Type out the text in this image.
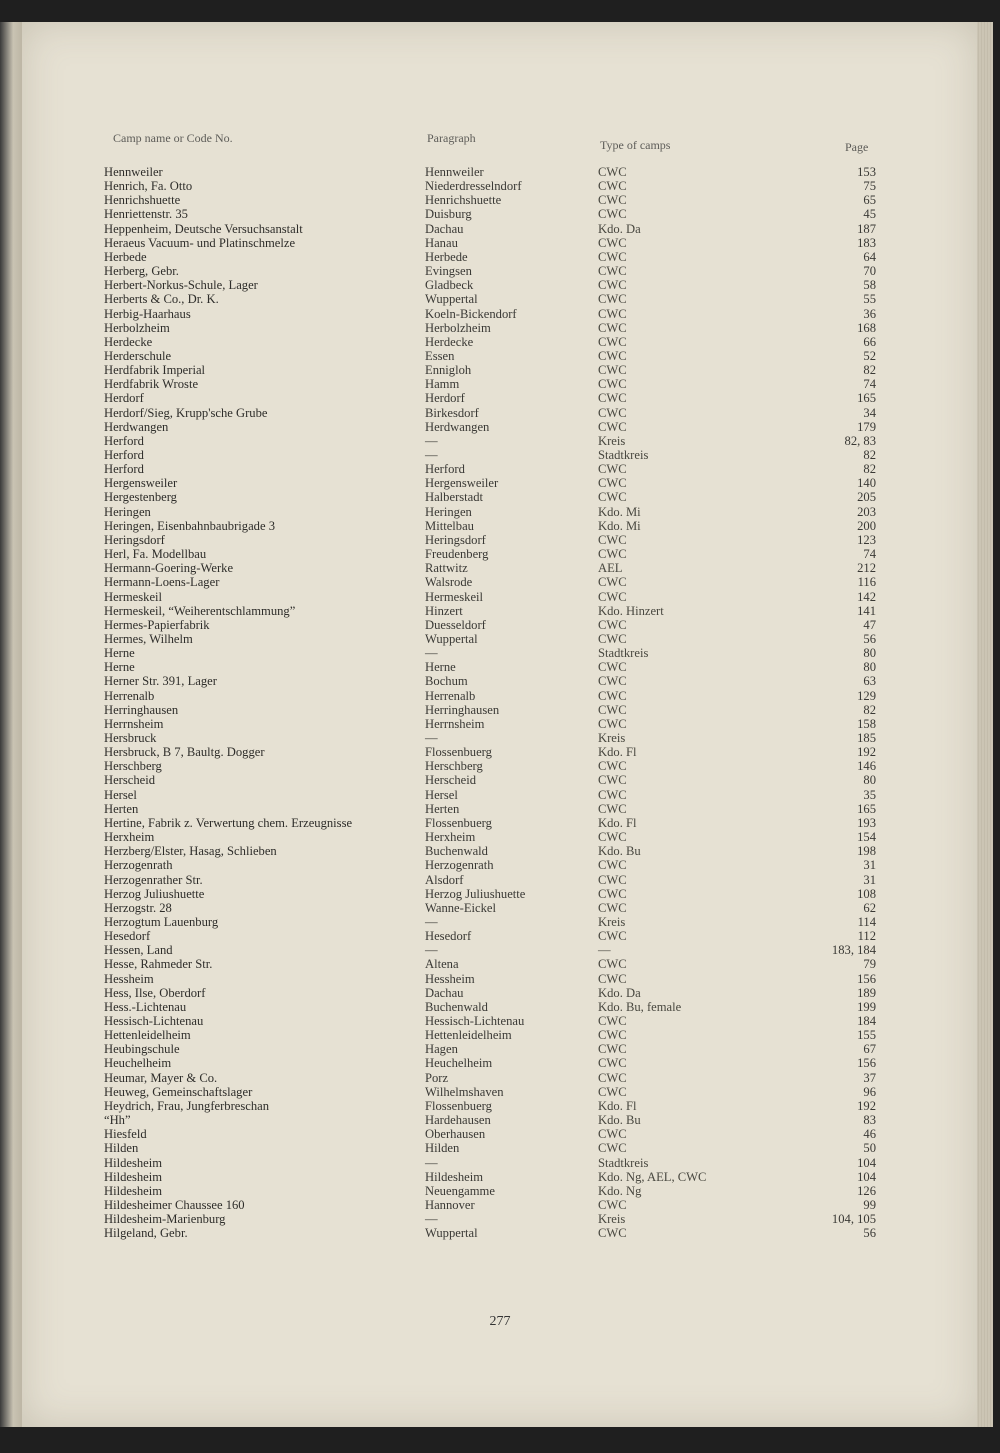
Camp name or Code No.	Paragraph	Type of camps	Page
Hennweiler	Hennweiler	CWC	153
Henrich, Fa. Otto	Niederdresselndorf	CWC	75
Henrichshuette	Henrichshuette	CWC	65
Henriettenstr. 35	Duisburg	CWC	45
Heppenheim, Deutsche Versuchsanstalt	Dachau	Kdo. Da	187
Heraeus Vacuum- und Platinschmelze	Hanau	CWC	183
Herbede	Herbede	CWC	64
Herberg, Gebr.	Evingsen	CWC	70
Herbert-Norkus-Schule, Lager	Gladbeck	CWC	58
Herberts & Co., Dr. K.	Wuppertal	CWC	55
Herbig-Haarhaus	Koeln-Bickendorf	CWC	36
Herbolzheim	Herbolzheim	CWC	168
Herdecke	Herdecke	CWC	66
Herderschule	Essen	CWC	52
Herdfabrik Imperial	Ennigloh	CWC	82
Herdfabrik Wroste	Hamm	CWC	74
Herdorf	Herdorf	CWC	165
Herdorf/Sieg, Krupp'sche Grube	Birkesdorf	CWC	34
Herdwangen	Herdwangen	CWC	179
Herford	—	Kreis	82, 83
Herford	—	Stadtkreis	82
Herford	Herford	CWC	82
Hergensweiler	Hergensweiler	CWC	140
Hergestenberg	Halberstadt	CWC	205
Heringen	Heringen	Kdo. Mi	203
Heringen, Eisenbahnbaubrigade 3	Mittelbau	Kdo. Mi	200
Heringsdorf	Heringsdorf	CWC	123
Herl, Fa. Modellbau	Freudenberg	CWC	74
Hermann-Goering-Werke	Rattwitz	AEL	212
Hermann-Loens-Lager	Walsrode	CWC	116
Hermeskeil	Hermeskeil	CWC	142
Hermeskeil, “Weiherentschlammung”	Hinzert	Kdo. Hinzert	141
Hermes-Papierfabrik	Duesseldorf	CWC	47
Hermes, Wilhelm	Wuppertal	CWC	56
Herne	—	Stadtkreis	80
Herne	Herne	CWC	80
Herner Str. 391, Lager	Bochum	CWC	63
Herrenalb	Herrenalb	CWC	129
Herringhausen	Herringhausen	CWC	82
Herrnsheim	Herrnsheim	CWC	158
Hersbruck	—	Kreis	185
Hersbruck, B 7, Baultg. Dogger	Flossenbuerg	Kdo. Fl	192
Herschberg	Herschberg	CWC	146
Herscheid	Herscheid	CWC	80
Hersel	Hersel	CWC	35
Herten	Herten	CWC	165
Hertine, Fabrik z. Verwertung chem. Erzeugnisse	Flossenbuerg	Kdo. Fl	193
Herxheim	Herxheim	CWC	154
Herzberg/Elster, Hasag, Schlieben	Buchenwald	Kdo. Bu	198
Herzogenrath	Herzogenrath	CWC	31
Herzogenrather Str.	Alsdorf	CWC	31
Herzog Juliushuette	Herzog Juliushuette	CWC	108
Herzogstr. 28	Wanne-Eickel	CWC	62
Herzogtum Lauenburg	—	Kreis	114
Hesedorf	Hesedorf	CWC	112
Hessen, Land	—	—	183, 184
Hesse, Rahmeder Str.	Altena	CWC	79
Hessheim	Hessheim	CWC	156
Hess, Ilse, Oberdorf	Dachau	Kdo. Da	189
Hess.-Lichtenau	Buchenwald	Kdo. Bu, female	199
Hessisch-Lichtenau	Hessisch-Lichtenau	CWC	184
Hettenleidelheim	Hettenleidelheim	CWC	155
Heubingschule	Hagen	CWC	67
Heuchelheim	Heuchelheim	CWC	156
Heumar, Mayer & Co.	Porz	CWC	37
Heuweg, Gemeinschaftslager	Wilhelmshaven	CWC	96
Heydrich, Frau, Jungferbreschan	Flossenbuerg	Kdo. Fl	192
“Hh”	Hardehausen	Kdo. Bu	83
Hiesfeld	Oberhausen	CWC	46
Hilden	Hilden	CWC	50
Hildesheim	—	Stadtkreis	104
Hildesheim	Hildesheim	Kdo. Ng, AEL, CWC	104
Hildesheim	Neuengamme	Kdo. Ng	126
Hildesheimer Chaussee 160	Hannover	CWC	99
Hildesheim-Marienburg	—	Kreis	104, 105
Hilgeland, Gebr.	Wuppertal	CWC	56
277
